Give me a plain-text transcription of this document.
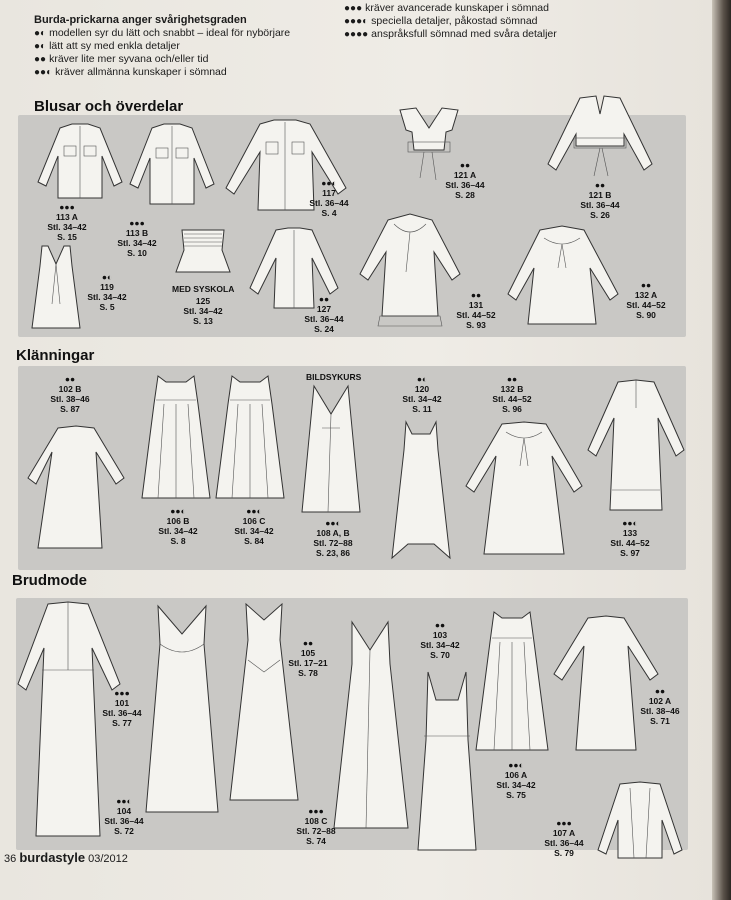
Burda-prickarna anger svårighetsgraden
●◐ modellen syr du lätt och snabbt – ideal för nybörjare
●◐ lätt att sy med enkla detaljer
●● kräver lite mer syvana och/eller tid
●●◐ kräver allmänna kunskaper i sömnad
●●● kräver avancerade kunskaper i sömnad
●●●◐ speciella detaljer, påkostad sömnad
●●●● anspråksfull sömnad med svåra detaljer
Blusar och överdelar
Klänningar
Brudmode
●●●
113 A
Stl. 34–42
S. 15
●●●
113 B
Stl. 34–42
S. 10
●●◐
117
Stl. 36–44
S. 4
●●
121 A
Stl. 36–44
S. 28
●●
121 B
Stl. 36–44
S. 26
●◐
119
Stl. 34–42
S. 5
MED SYSKOLA
125
Stl. 34–42
S. 13
●●
127
Stl. 36–44
S. 24
●●
131
Stl. 44–52
S. 93
●●
132 A
Stl. 44–52
S. 90
●●
102 B
Stl. 38–46
S. 87
●●◐
106 B
Stl. 34–42
S. 8
●●◐
106 C
Stl. 34–42
S. 84
BILDSYKURS
●●◐
108 A, B
Stl. 72–88
S. 23, 86
●◐
120
Stl. 34–42
S. 11
●●
132 B
Stl. 44–52
S. 96
●●◐
133
Stl. 44–52
S. 97
●●●
101
Stl. 36–44
S. 77
●●◐
104
Stl. 36–44
S. 72
●●
105
Stl. 17–21
S. 78
●●●
108 C
Stl. 72–88
S. 74
●●
103
Stl. 34–42
S. 70
●●◐
106 A
Stl. 34–42
S. 75
●●
102 A
Stl. 38–46
S. 71
●●●
107 A
Stl. 36–44
S. 79
36 burdastyle 03/2012
